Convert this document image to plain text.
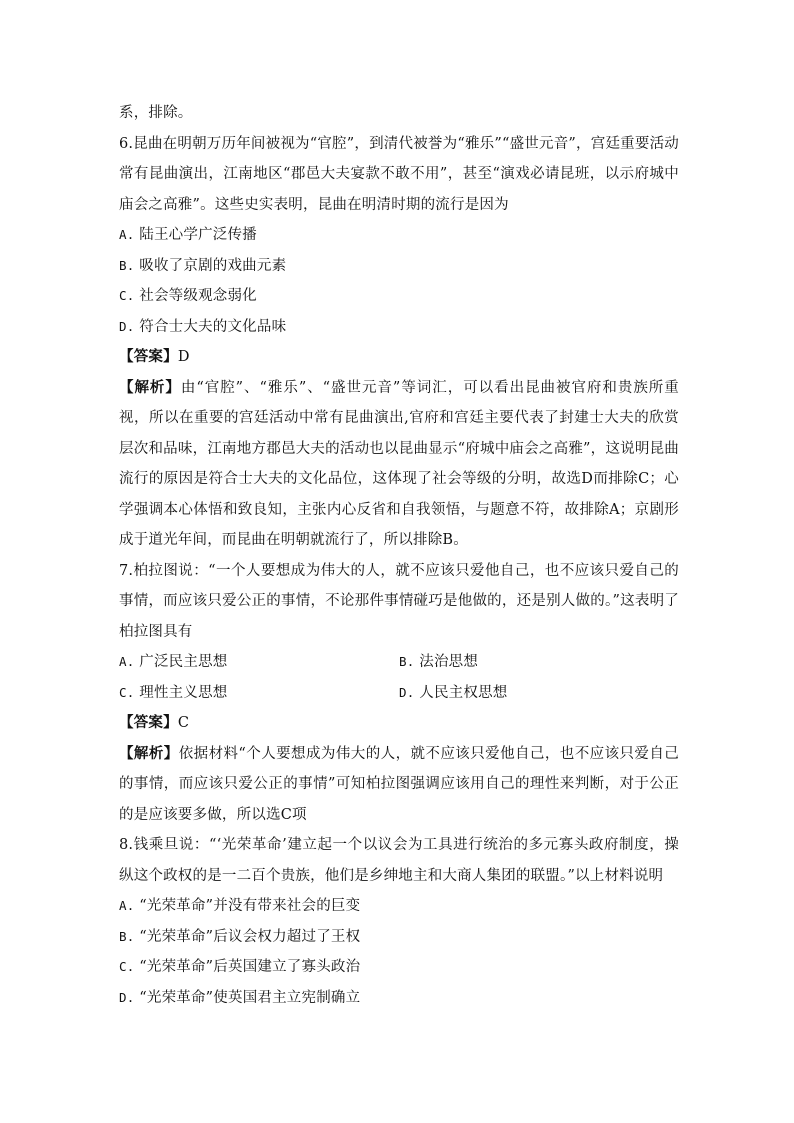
系，排除。

6.昆曲在明朝万历年间被视为“官腔”，到清代被誉为“雅乐”“盛世元音”，宫廷重要活动常有昆曲演出，江南地区“郡邑大夫宴款不敢不用”，甚至“演戏必请昆班，以示府城中庙会之高雅”。这些史实表明，昆曲在明清时期的流行是因为

A. 陆王心学广泛传播

B. 吸收了京剧的戏曲元素

C. 社会等级观念弱化

D. 符合士大夫的文化品味

【答案】D

【解析】由“官腔”、“雅乐”、“盛世元音”等词汇，可以看出昆曲被官府和贵族所重视，所以在重要的宫廷活动中常有昆曲演出,官府和宫廷主要代表了封建士大夫的欣赏层次和品味，江南地方郡邑大夫的活动也以昆曲显示“府城中庙会之高雅”，这说明昆曲流行的原因是符合士大夫的文化品位，这体现了社会等级的分明，故选D而排除C；心学强调本心体悟和致良知，主张内心反省和自我领悟，与题意不符，故排除A；京剧形成于道光年间，而昆曲在明朝就流行了，所以排除B。

7.柏拉图说：“一个人要想成为伟大的人，就不应该只爱他自己，也不应该只爱自己的事情，而应该只爱公正的事情，不论那件事情碰巧是他做的，还是别人做的。”这表明了柏拉图具有

A. 广泛民主思想	B. 法治思想

C. 理性主义思想	D. 人民主权思想

【答案】C

【解析】依据材料“个人要想成为伟大的人，就不应该只爱他自己，也不应该只爱自己的事情，而应该只爱公正的事情”可知柏拉图强调应该用自己的理性来判断，对于公正的是应该要多做，所以选C项

8.钱乘旦说：“‘光荣革命’建立起一个以议会为工具进行统治的多元寡头政府制度，操纵这个政权的是一二百个贵族，他们是乡绅地主和大商人集团的联盟。”以上材料说明

A. “光荣革命”并没有带来社会的巨变

B. “光荣革命”后议会权力超过了王权

C. “光荣革命”后英国建立了寡头政治

D. “光荣革命”使英国君主立宪制确立
